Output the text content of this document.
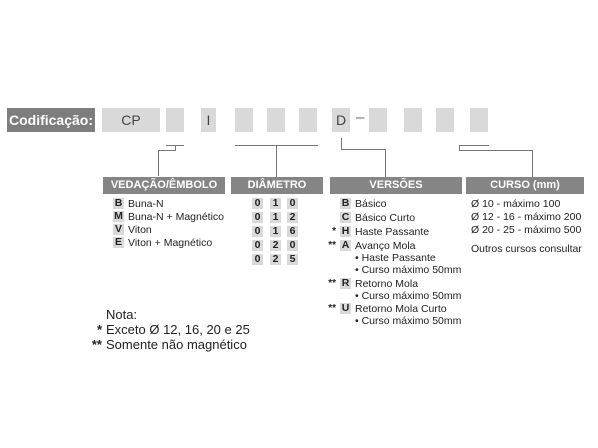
Codificação:	CP	I	D –
VEDAÇÃO/ÊMBOLO	DIÂMETRO	VERSÕES	CURSO (mm)
B Buna-N
M Buna-N + Magnético
V Viton
E Viton + Magnético
0 1 0
0 1 2
0 1 6
0 2 0
0 2 5
B Básico
C Básico Curto
* H Haste Passante
** A Avanço Mola
• Haste Passante
• Curso máximo 50mm
** R Retorno Mola
• Curso máximo 50mm
** U Retorno Mola Curto
• Curso máximo 50mm
Ø 10 - máximo 100
Ø 12 - 16 - máximo 200
Ø 20 - 25 - máximo 500
Outros cursos consultar
Nota:
* Exceto Ø 12, 16, 20 e 25
** Somente não magnético
